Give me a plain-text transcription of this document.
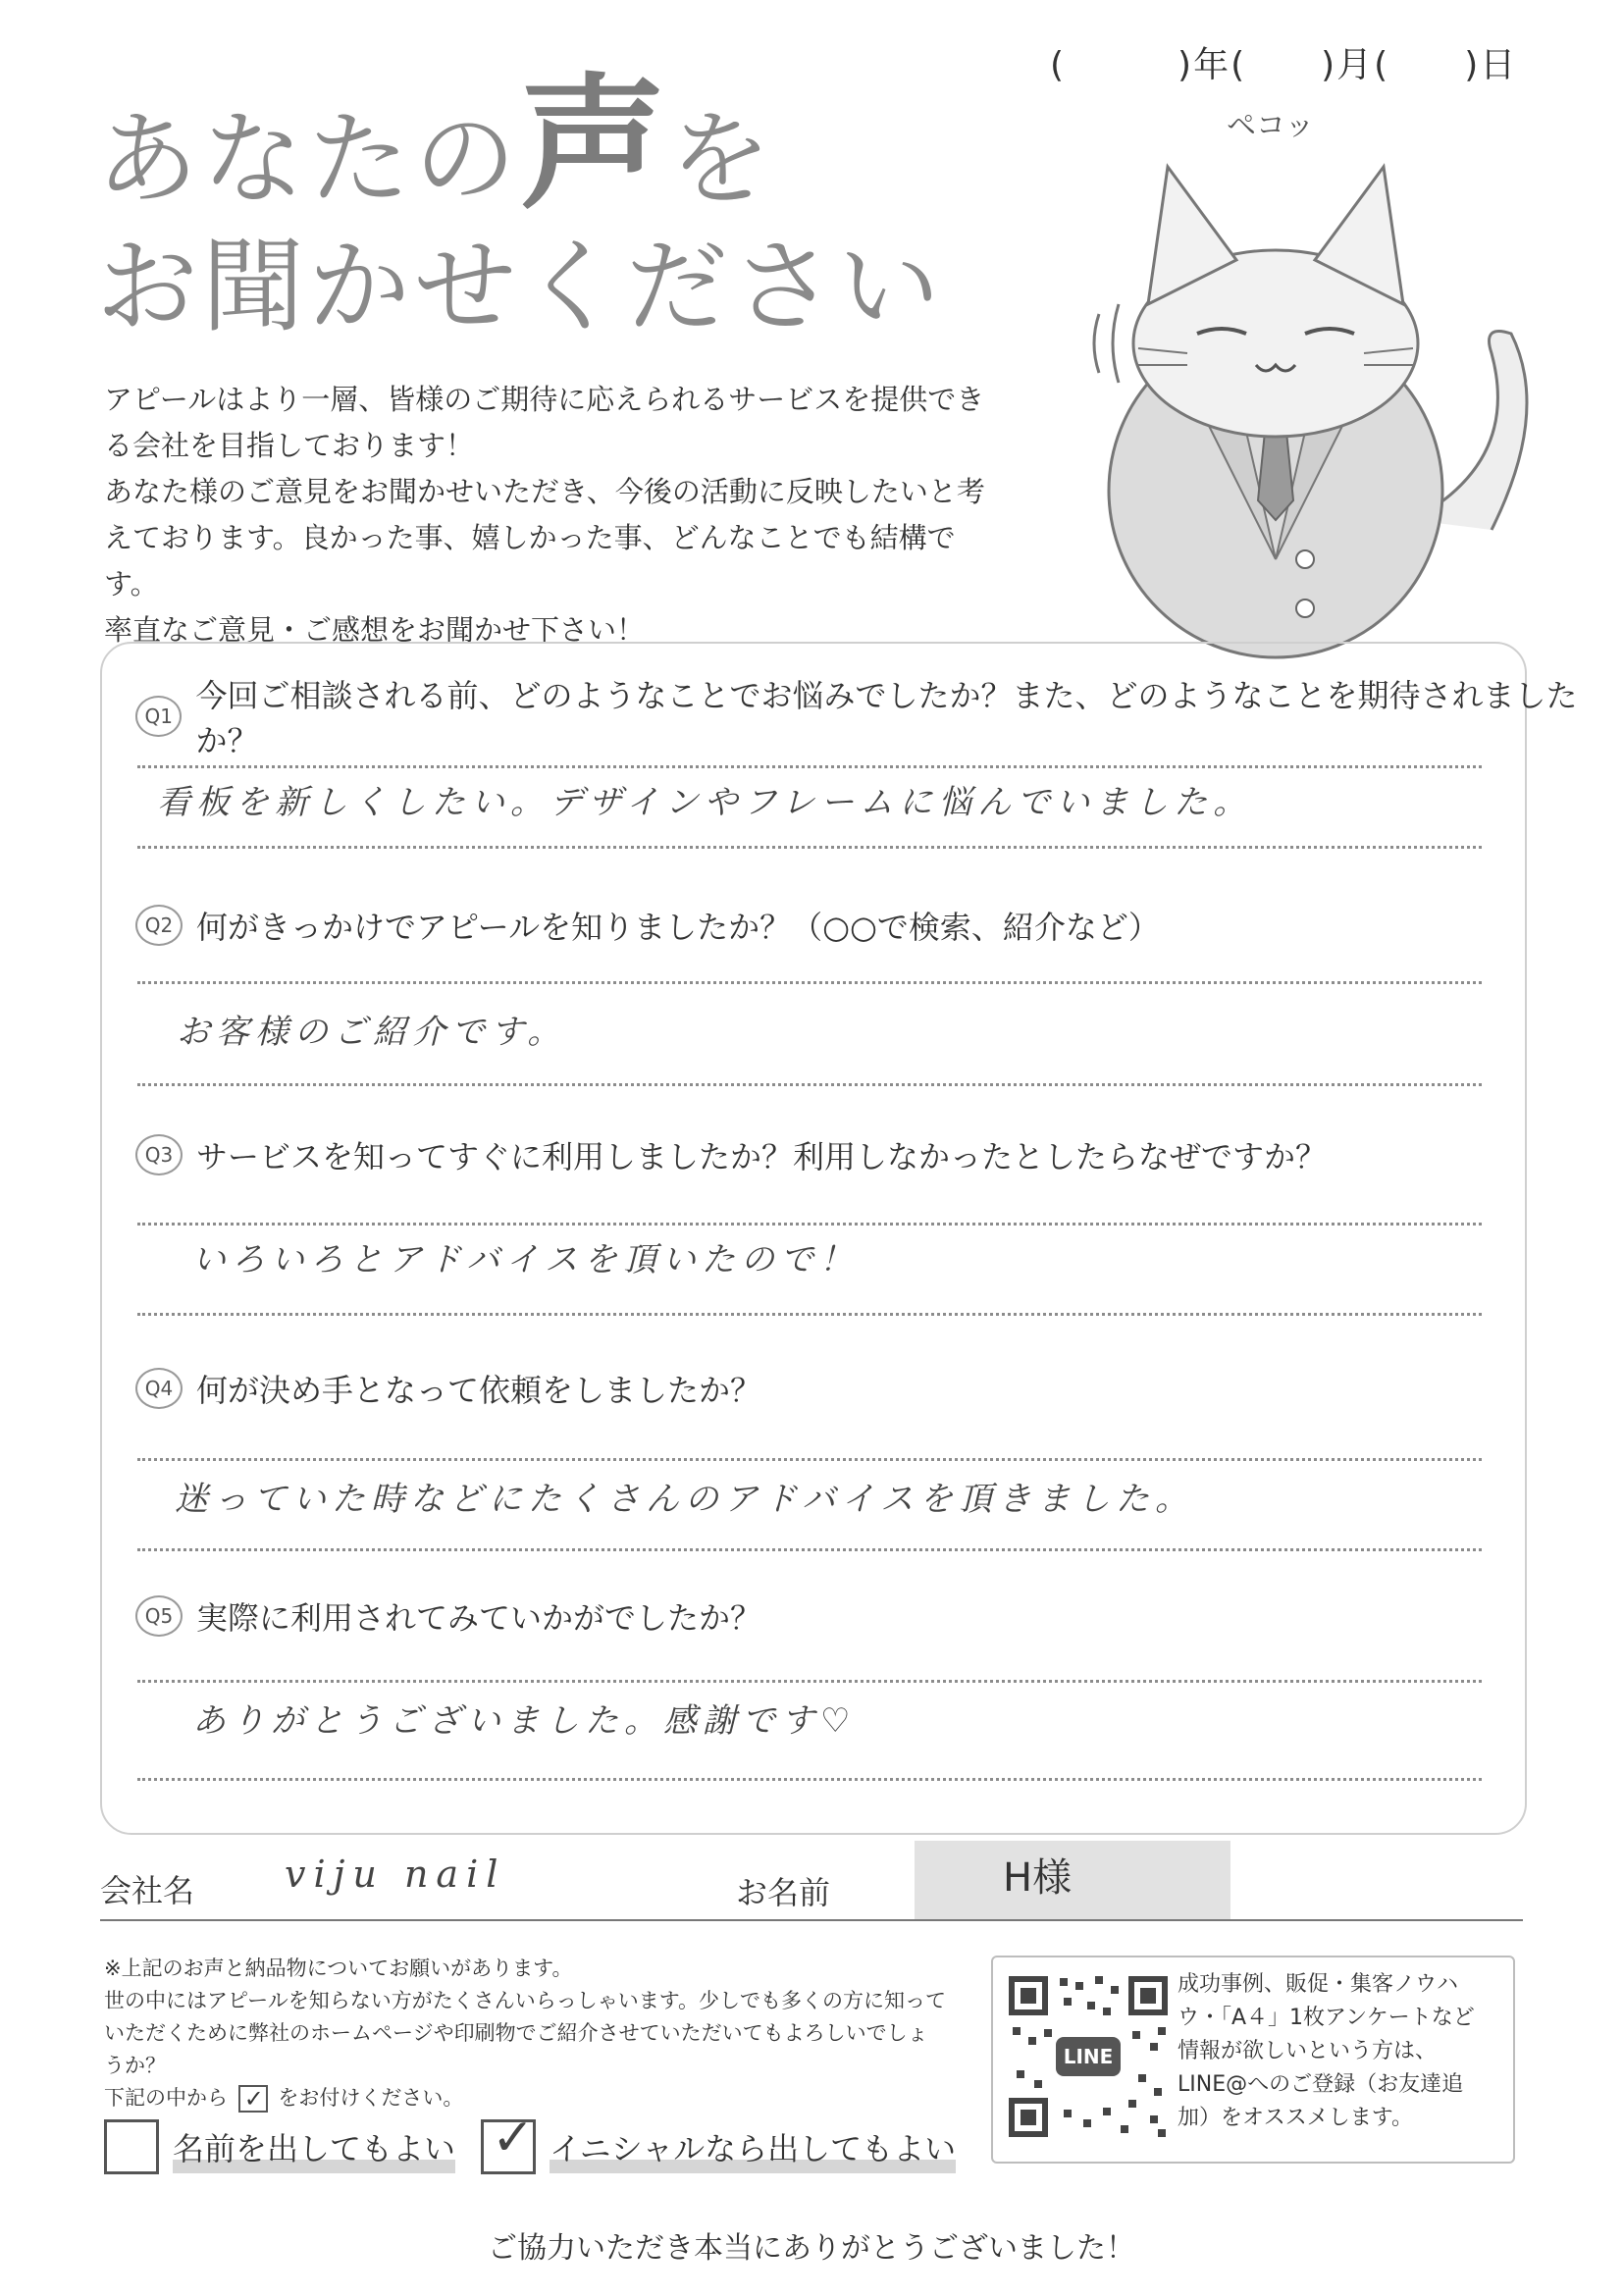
(　　　)年(　　)月(　　)日
あなたの声を
お聞かせください

アピールはより一層、皆様のご期待に応えられるサービスを提供できる会社を目指しております！

あなた様のご意見をお聞かせいただき、今後の活動に反映したいと考えております。良かった事、嬉しかった事、どんなことでも結構です。

率直なご意見・ご感想をお聞かせ下さい！

ペコッ
Q1
今回ご相談される前、どのようなことでお悩みでしたか？また、どのようなことを期待されましたか？
看板を新しくしたい。デザインやフレームに悩んでいました。
Q2 何がきっかけでアピールを知りましたか？（○○で検索、紹介など）
お客様のご紹介です。
Q3 サービスを知ってすぐに利用しましたか？利用しなかったとしたらなぜですか？
いろいろとアドバイスを頂いたので！
Q4 何が決め手となって依頼をしましたか？
迷っていた時などにたくさんのアドバイスを頂きました。
Q5 実際に利用されてみていかがでしたか？
ありがとうございました。感謝です♡
会社名 viju nail	お名前	H様

※上記のお声と納品物についてお願いがあります。

世の中にはアピールを知らない方がたくさんいらっしゃいます。少しでも多くの方に知っていただくために弊社のホームページや印刷物でご紹介させていただいてもよろしいでしょうか？

下記の中から ✓ をお付けください。

名前を出してもよい ✓ イニシャルなら出してもよい
LINE

成功事例、販促・集客ノウハウ・「A４」1枚アンケートなど情報が欲しいという方は、LINE@へのご登録（お友達追加）をオススメします。

ご協力いただき本当にありがとうございました！
